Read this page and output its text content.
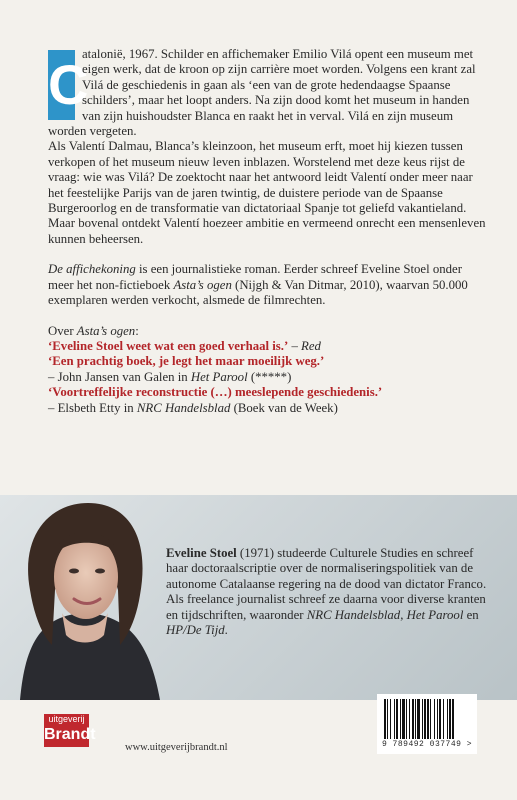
C

atalonië, 1967. Schilder en affichemaker Emilio Vilá opent een museum met eigen werk, dat de kroon op zijn carrière moet worden. Volgens een krant zal Vilá de geschiedenis in gaan als ‘een van de grote hedendaagse Spaanse schilders’, maar het loopt anders. Na zijn dood komt het museum in handen van zijn huishoudster Blanca en raakt het in verval. Vilá en zijn museum worden vergeten.

Als Valentí Dalmau, Blanca’s kleinzoon, het museum erft, moet hij kiezen tussen verkopen of het museum nieuw leven inblazen. Worstelend met deze keus rijst de vraag: wie was Vilá? De zoektocht naar het antwoord leidt Valentí onder meer naar het feestelijke Parijs van de jaren twintig, de duistere periode van de Spaanse Burgeroorlog en de transformatie van dictatoriaal Spanje tot geliefd vakantieland. Maar bovenal ontdekt Valentí hoezeer ambitie en vermeend onrecht een mensenleven kunnen beheersen.

De affichekoning is een journalistieke roman. Eerder schreef Eveline Stoel onder meer het non-fictieboek Asta’s ogen (Nijgh & Van Ditmar, 2010), waarvan 50.000 exemplaren werden verkocht, alsmede de filmrechten.

Over Asta’s ogen:

‘Eveline Stoel weet wat een goed verhaal is.’ – Red

‘Een prachtig boek, je legt het maar moeilijk weg.’

– John Jansen van Galen in Het Parool (*****)

‘Voortreffelijke reconstructie (…) meeslepende geschiedenis.’

– Elsbeth Etty in NRC Handelsblad (Boek van de Week)

Eveline Stoel (1971) studeerde Culturele Studies en schreef haar doctoraalscriptie over de normaliseringspolitiek van de autonome Catalaanse regering na de dood van dictator Franco. Als freelance journalist schreef ze daarna voor diverse kranten en tijdschriften, waaronder NRC Handelsblad, Het Parool en HP/De Tijd.
uitgeverij
Brandt
www.uitgeverijbrandt.nl	9 789492 037749 >
